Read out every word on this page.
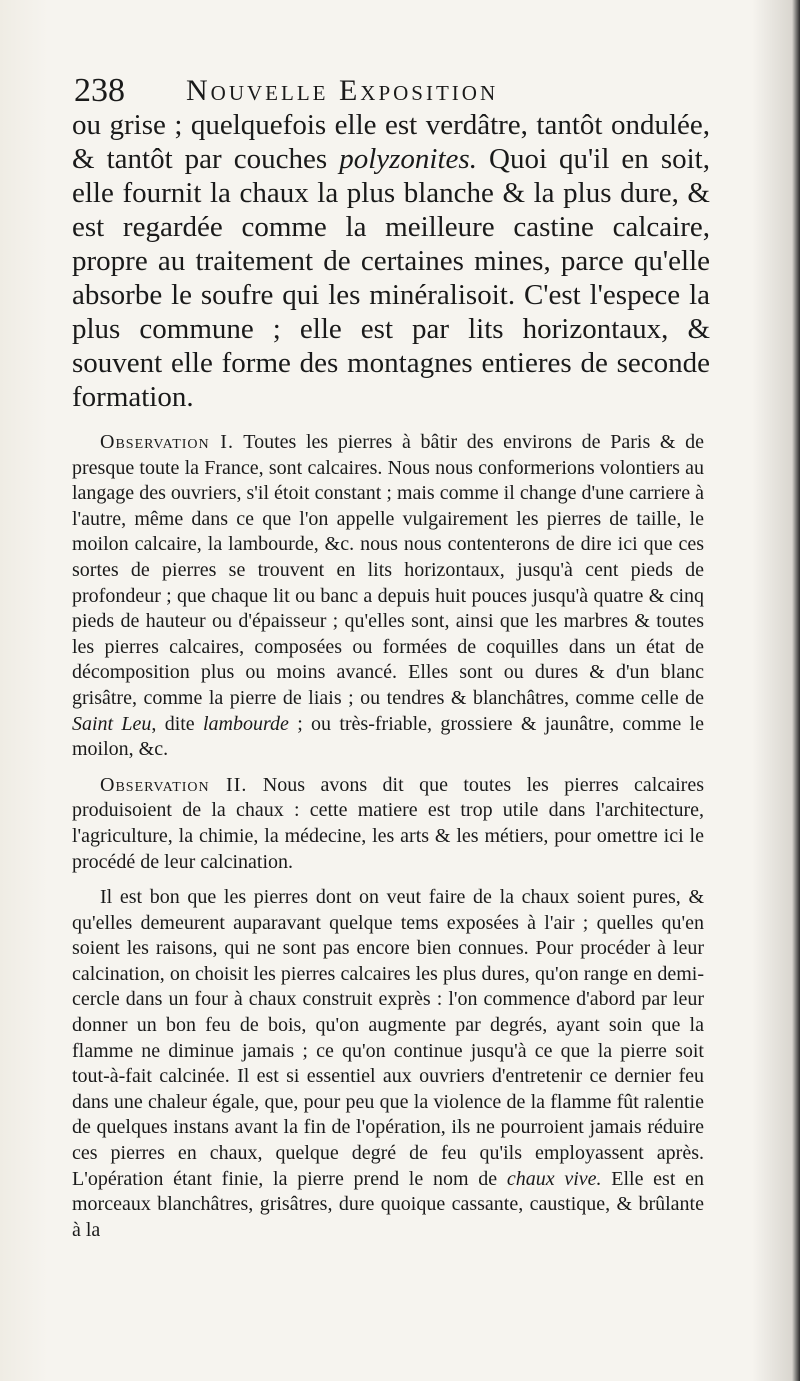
238 Nouvelle Exposition

ou grise ; quelquefois elle est verdâtre, tantôt ondulée, & tantôt par couches polyzonites. Quoi qu'il en soit, elle fournit la chaux la plus blanche & la plus dure, & est regardée comme la meilleure castine calcaire, propre au traitement de certaines mines, parce qu'elle absorbe le soufre qui les minéralisoit. C'est l'espece la plus commune ; elle est par lits horizontaux, & souvent elle forme des montagnes entieres de seconde formation.

Observation I. Toutes les pierres à bâtir des environs de Paris & de presque toute la France, sont calcaires. Nous nous conformerions volontiers au langage des ouvriers, s'il étoit constant ; mais comme il change d'une carriere à l'autre, même dans ce que l'on appelle vulgairement les pierres de taille, le moilon calcaire, la lambourde, &c. nous nous contenterons de dire ici que ces sortes de pierres se trouvent en lits horizontaux, jusqu'à cent pieds de profondeur ; que chaque lit ou banc a depuis huit pouces jusqu'à quatre & cinq pieds de hauteur ou d'épaisseur ; qu'elles sont, ainsi que les marbres & toutes les pierres calcaires, composées ou formées de coquilles dans un état de décomposition plus ou moins avancé. Elles sont ou dures & d'un blanc grisâtre, comme la pierre de liais ; ou tendres & blanchâtres, comme celle de Saint Leu, dite lambourde ; ou très-friable, grossiere & jaunâtre, comme le moilon, &c.

Observation II. Nous avons dit que toutes les pierres calcaires produisoient de la chaux : cette matiere est trop utile dans l'architecture, l'agriculture, la chimie, la médecine, les arts & les métiers, pour omettre ici le procédé de leur calcination.

Il est bon que les pierres dont on veut faire de la chaux soient pures, & qu'elles demeurent auparavant quelque tems exposées à l'air ; quelles qu'en soient les raisons, qui ne sont pas encore bien connues. Pour procéder à leur calcination, on choisit les pierres calcaires les plus dures, qu'on range en demi-cercle dans un four à chaux construit exprès : l'on commence d'abord par leur donner un bon feu de bois, qu'on augmente par degrés, ayant soin que la flamme ne diminue jamais ; ce qu'on continue jusqu'à ce que la pierre soit tout-à-fait calcinée. Il est si essentiel aux ouvriers d'entretenir ce dernier feu dans une chaleur égale, que, pour peu que la violence de la flamme fût ralentie de quelques instans avant la fin de l'opération, ils ne pourroient jamais réduire ces pierres en chaux, quelque degré de feu qu'ils employassent après. L'opération étant finie, la pierre prend le nom de chaux vive. Elle est en morceaux blanchâtres, grisâtres, dure quoique cassante, caustique, & brûlante à la
